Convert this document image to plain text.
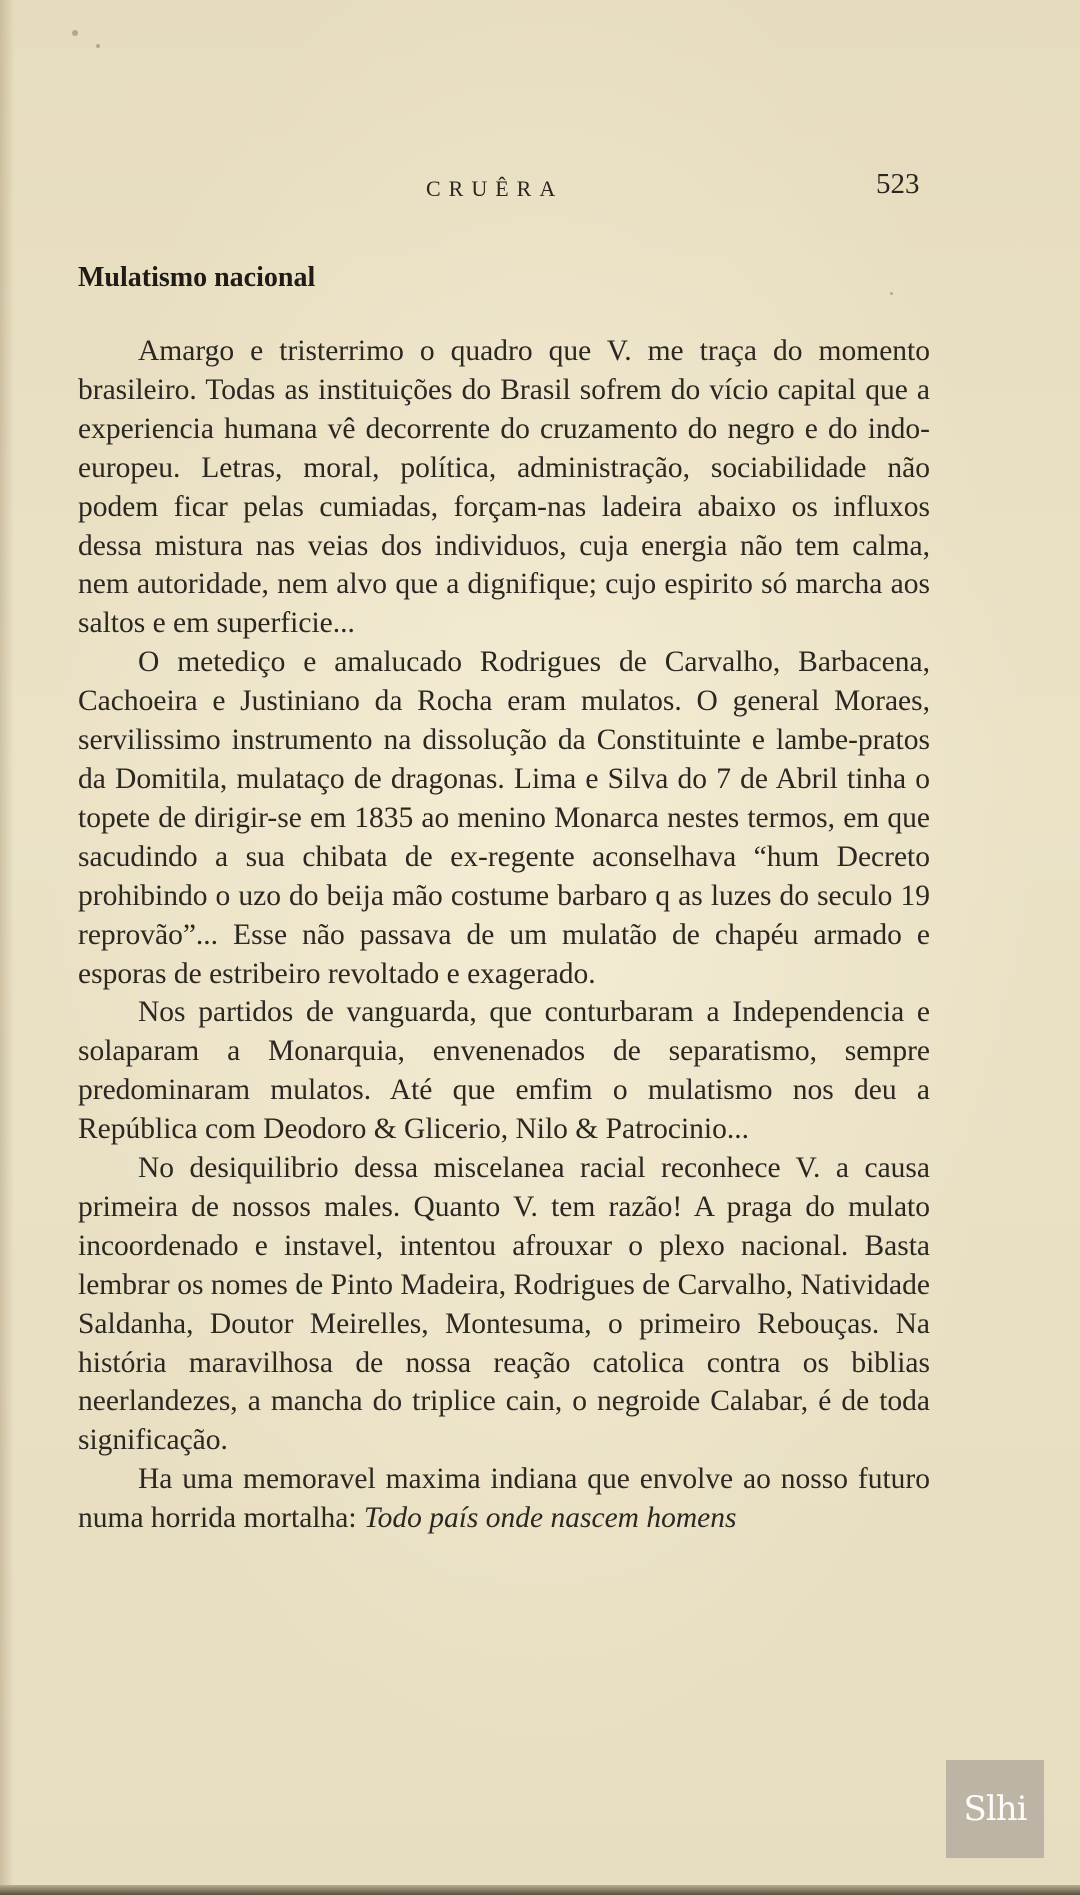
CRUÊRA	523
Mulatismo nacional

Amargo e tristerrimo o quadro que V. me traça do momento brasileiro. Todas as instituições do Brasil sofrem do vício capital que a experiencia humana vê decorrente do cruzamento do negro e do indo-europeu. Letras, moral, política, administração, sociabilidade não podem ficar pelas cumiadas, forçam-nas ladeira abaixo os influxos dessa mistura nas veias dos individuos, cuja energia não tem calma, nem autoridade, nem alvo que a dignifique; cujo espirito só marcha aos saltos e em superficie...

O metediço e amalucado Rodrigues de Carvalho, Barbacena, Cachoeira e Justiniano da Rocha eram mulatos. O general Moraes, servilissimo instrumento na dissolução da Constituinte e lambe-pratos da Domitila, mulataço de dragonas. Lima e Silva do 7 de Abril tinha o topete de dirigir-se em 1835 ao menino Monarca nestes termos, em que sacudindo a sua chibata de ex-regente aconselhava “hum Decreto prohibindo o uzo do beija mão costume barbaro q as luzes do seculo 19 reprovão”... Esse não passava de um mulatão de chapéu armado e esporas de estribeiro revoltado e exagerado.

Nos partidos de vanguarda, que conturbaram a Independencia e solaparam a Monarquia, envenenados de separatismo, sempre predominaram mulatos. Até que emfim o mulatismo nos deu a República com Deodoro & Glicerio, Nilo & Patrocinio...

No desiquilibrio dessa miscelanea racial reconhece V. a causa primeira de nossos males. Quanto V. tem razão! A praga do mulato incoordenado e instavel, intentou afrouxar o plexo nacional. Basta lembrar os nomes de Pinto Madeira, Rodrigues de Carvalho, Natividade Saldanha, Doutor Meirelles, Montesuma, o primeiro Rebouças. Na história maravilhosa de nossa reação catolica contra os biblias neerlandezes, a mancha do triplice cain, o negroide Calabar, é de toda significação.

Ha uma memoravel maxima indiana que envolve ao nosso futuro numa horrida mortalha: Todo país onde nascem homens

Slhi
